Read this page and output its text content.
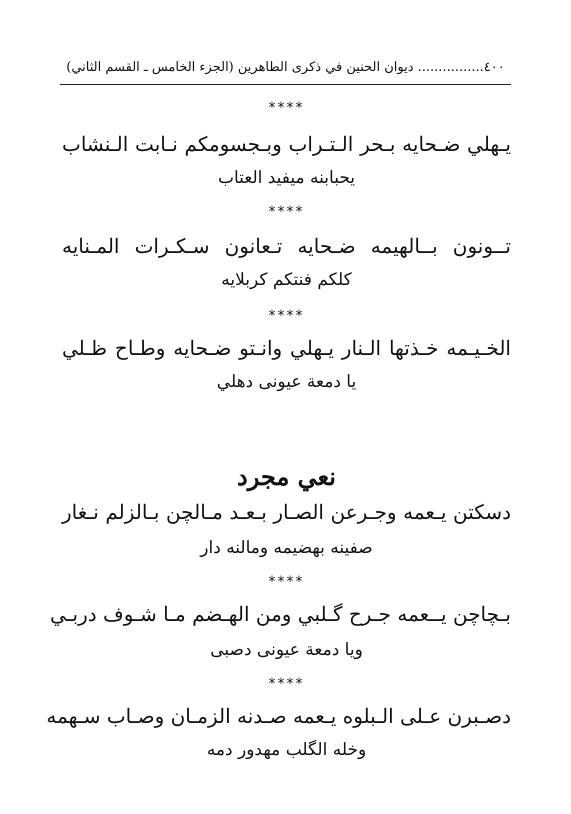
٤٠٠................ ديوان الحنين في ذكرى الطاهرين (الجزء الخامس ـ القسم الثاني)
****
يـهلي ضـحايه بـحر الـتـراب وبـجسومكم نـابت الـنشاب
يحبابنه ميفيد العتاب
****
تــونون بــالهيمه ضـحايه تـعانون سـكـرات المـنايه
كلكم فنتكم كربلايه
****
الخـيـمه خـذتها الـنار يـهلي وانـتو ضـحايه وطـاح ظـلي
يا دمعة عيونى دهلي
نعي مجرد
دسكتن يـعمه وجـرعن الصـار بـعـد مـالچن بـالزلم نـغار
صفينه بهضيمه ومالنه دار
****
بـچاچن يــعمه جـرح گـلبي ومن الهـضم مـا شـوف دربـي
ويا دمعة عيونى دصبى
****
دصـبرن عـلى الـبلوه يـعمه صـدنه الزمـان وصـاب سـهمه
وخله الگلب مهدور دمه
